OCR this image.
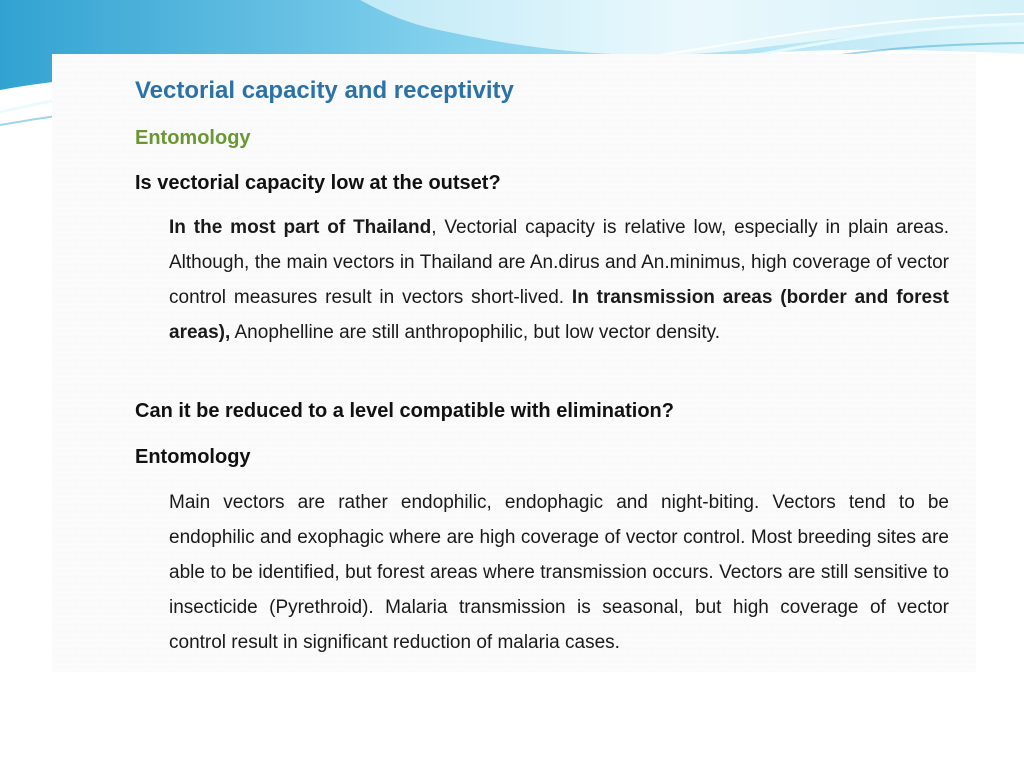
Vectorial capacity and receptivity
Entomology
Is vectorial capacity low at the outset?

In the most part of Thailand, Vectorial capacity is relative low, especially in plain areas. Although, the main vectors in Thailand are An.dirus and An.minimus, high coverage of vector control measures result in vectors short-lived. In transmission areas (border and forest areas), Anophelline are still anthropophilic, but low vector density.

Can it be reduced to a level compatible with elimination?
Entomology

Main vectors are rather endophilic, endophagic and night-biting. Vectors tend to be endophilic and exophagic where are high coverage of vector control. Most breeding sites are able to be identified, but forest areas where transmission occurs. Vectors are still sensitive to insecticide (Pyrethroid). Malaria transmission is seasonal, but high coverage of vector control result in significant reduction of malaria cases.
